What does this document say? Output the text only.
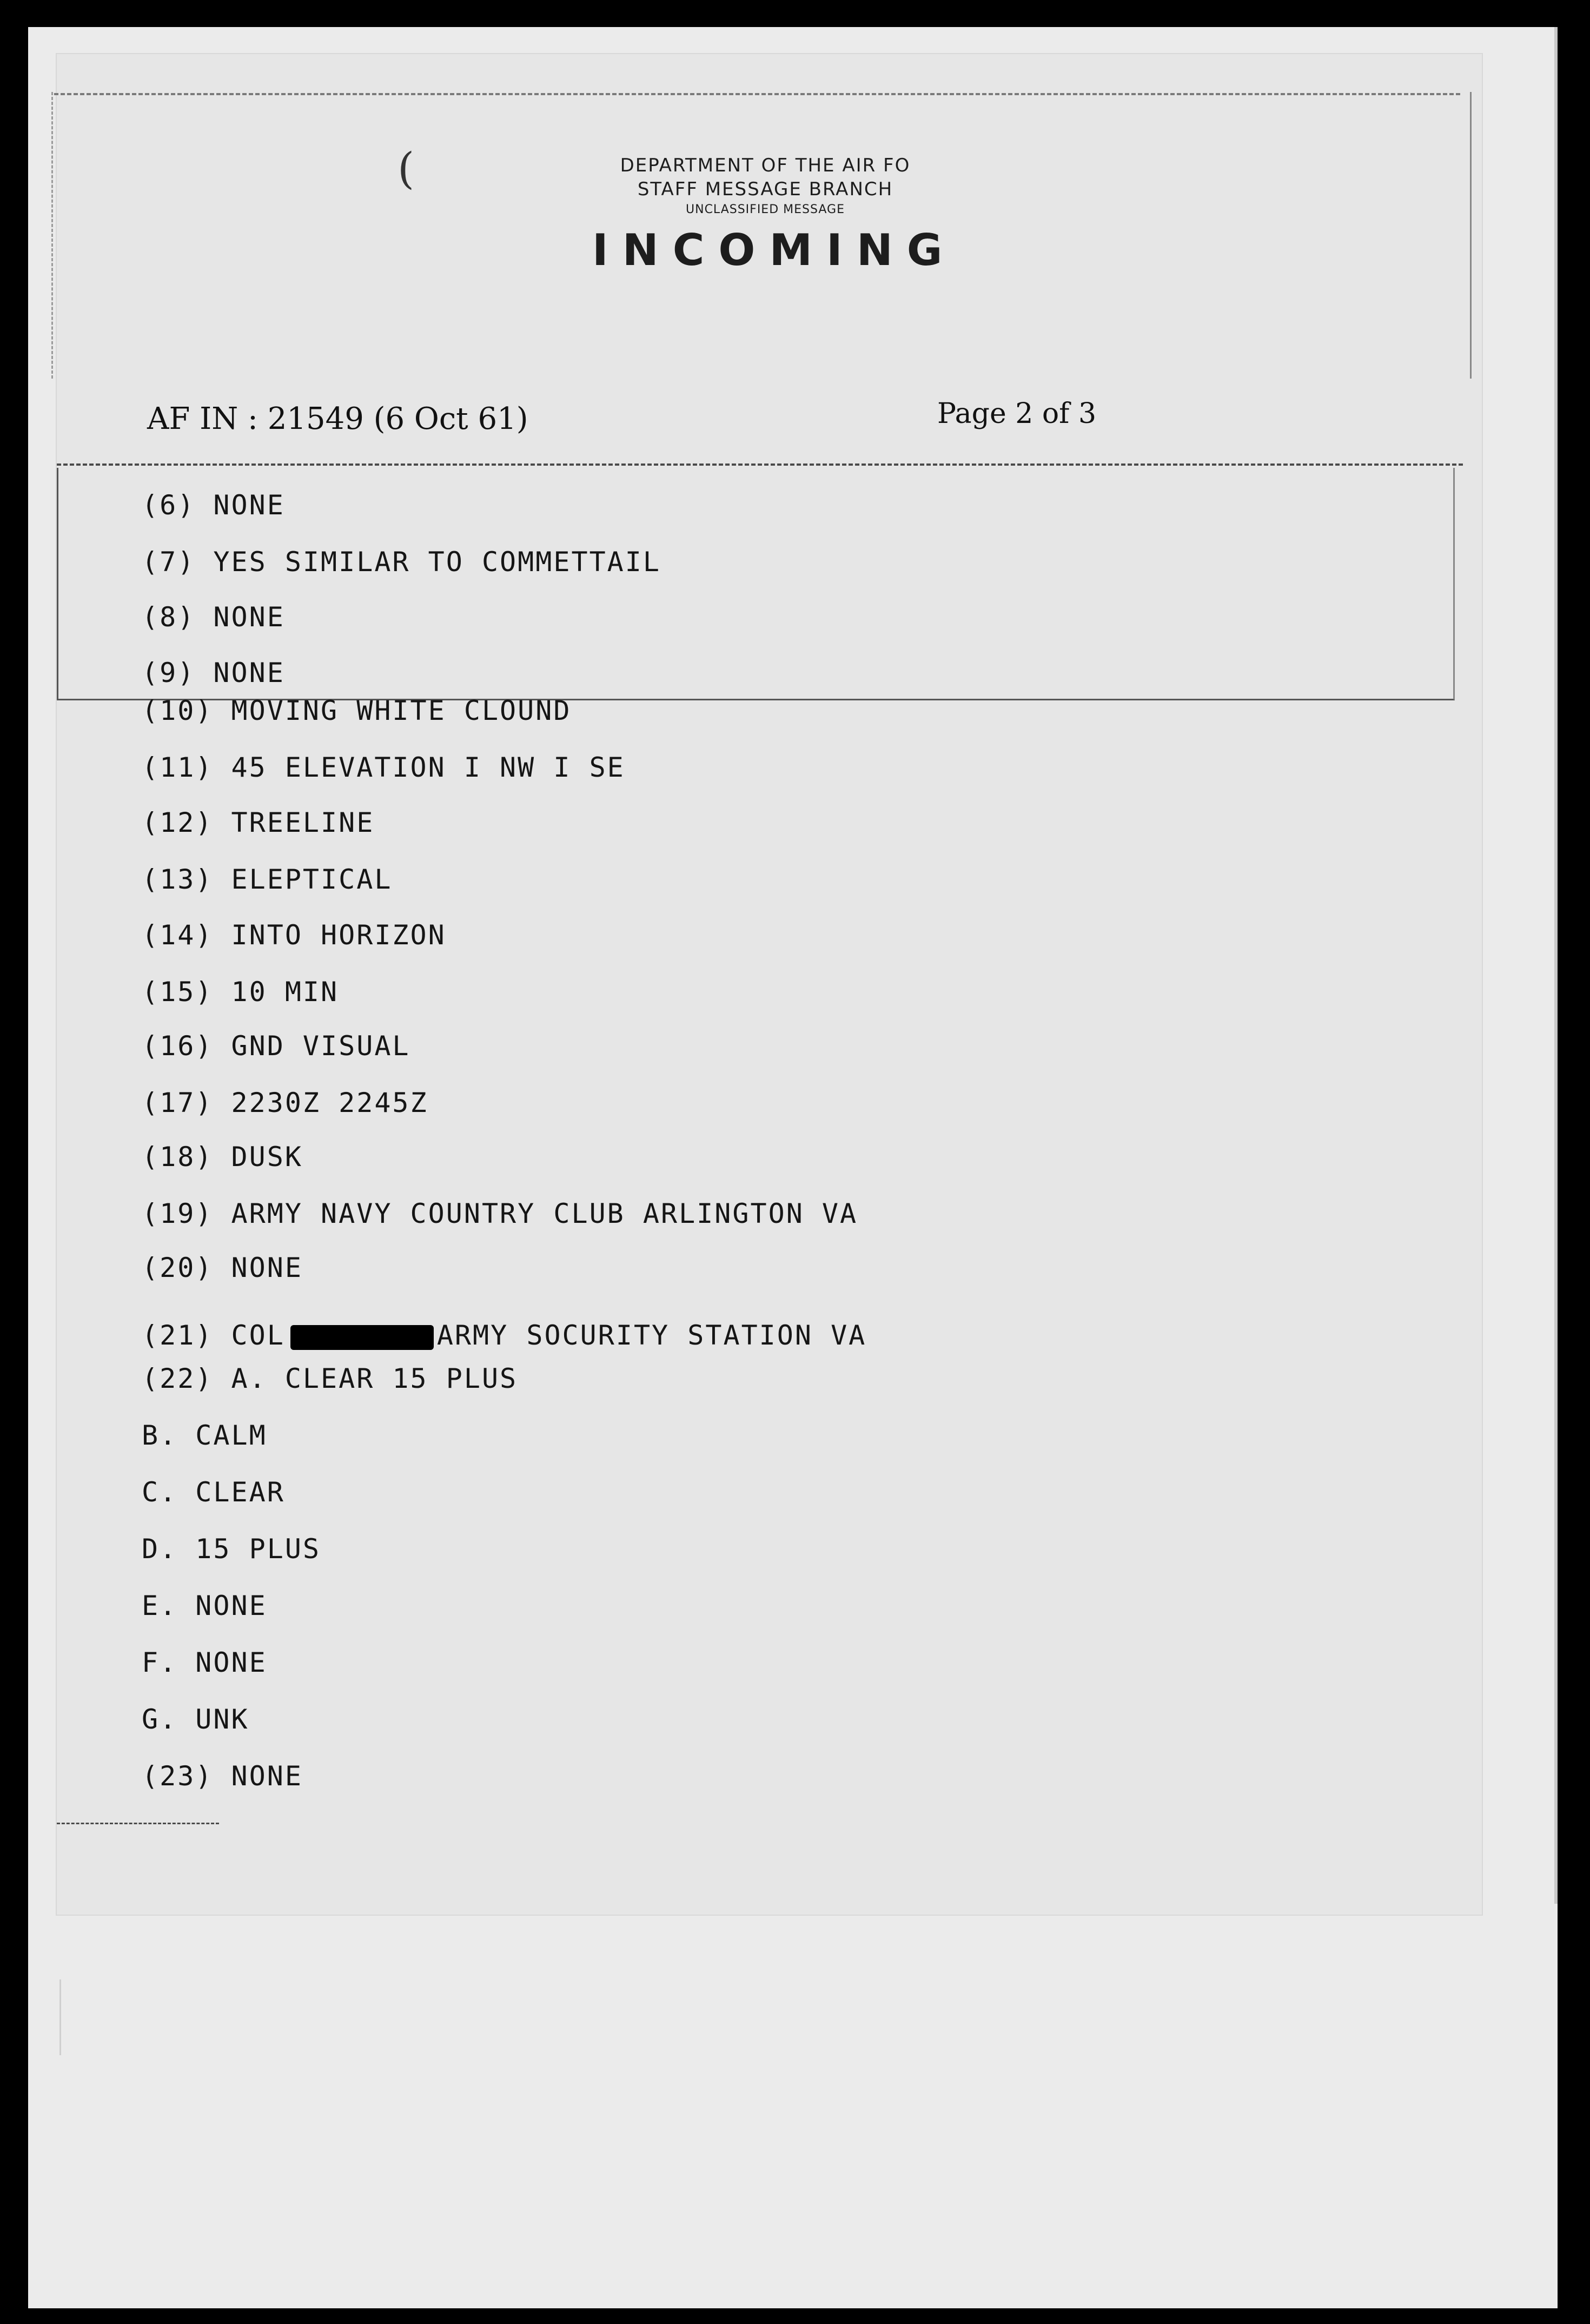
(	DEPARTMENT OF THE AIR FO
STAFF MESSAGE BRANCH
UNCLASSIFIED MESSAGE
INCOMING
AF IN : 21549 (6 Oct 61)	Page 2 of 3
(6) NONE
(7) YES SIMILAR TO COMMETTAIL
(8) NONE
(9) NONE
(10) MOVING WHITE CLOUND
(11) 45 ELEVATION I NW I SE
(12) TREELINE
(13) ELEPTICAL
(14) INTO HORIZON
(15) 10 MIN
(16) GND VISUAL
(17) 2230Z 2245Z
(18) DUSK
(19) ARMY NAVY COUNTRY CLUB ARLINGTON VA
(20) NONE
(22) A. CLEAR 15 PLUS
B. CALM
C. CLEAR
D. 15 PLUS
E. NONE
F. NONE
G. UNK
(23) NONE
(21) COL	ARMY SOCURITY STATION VA
